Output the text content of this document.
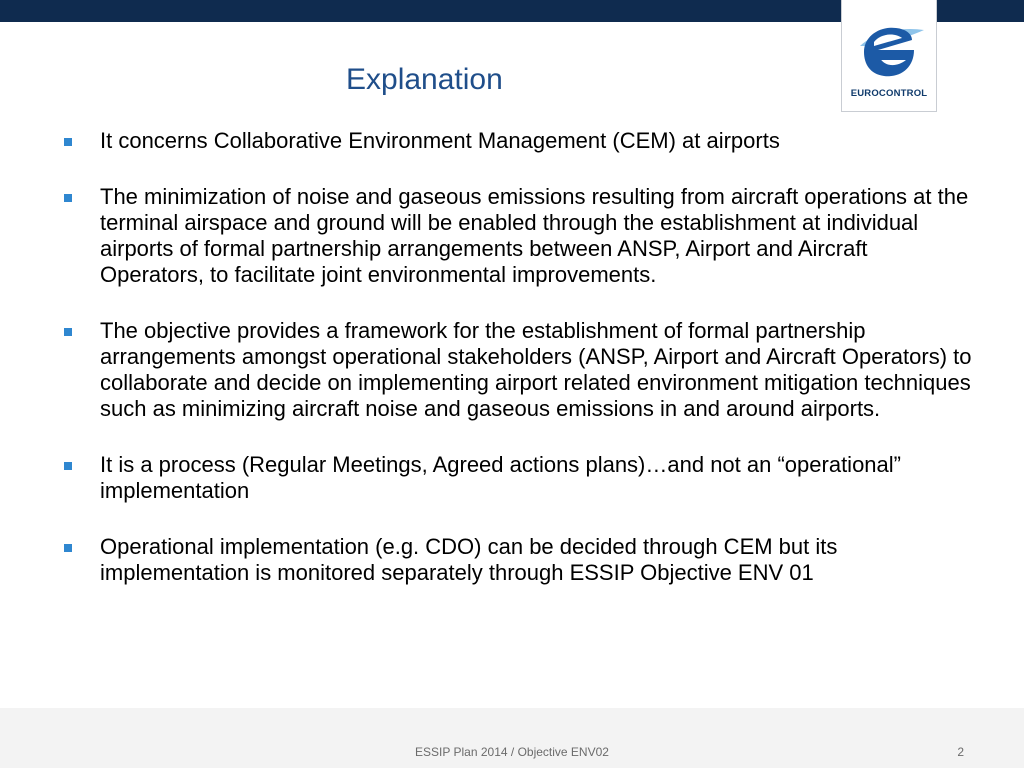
EUROCONTROL
Explanation
It concerns Collaborative Environment Management (CEM) at airports
The minimization of noise and gaseous emissions resulting from aircraft operations at the terminal airspace and ground will be enabled through the establishment at individual airports of formal partnership arrangements between ANSP, Airport and Aircraft Operators, to facilitate joint environmental improvements.
The objective provides a framework for the establishment of formal partnership arrangements amongst operational stakeholders (ANSP, Airport and Aircraft Operators) to collaborate and decide on implementing airport related environment mitigation techniques such as minimizing aircraft noise and gaseous emissions in and around airports.
It is a process (Regular Meetings, Agreed actions plans)…and not an “operational” implementation
Operational implementation (e.g. CDO) can be decided through CEM but its implementation is monitored separately through ESSIP Objective ENV 01
ESSIP Plan 2014 / Objective ENV02	2
